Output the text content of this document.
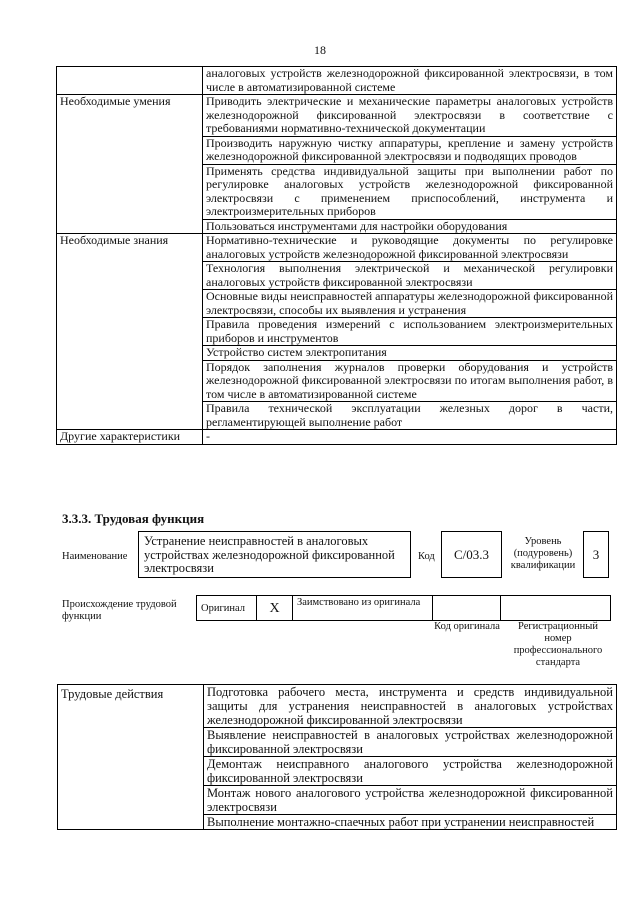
18
	аналоговых устройств железнодорожной фиксированной электросвязи, в том числе в автоматизированной системе
Необходимые умения	Приводить электрические и механические параметры аналоговых устройств железнодорожной фиксированной электросвязи в соответствие с требованиями нормативно-технической документации
	Производить наружную чистку аппаратуры, крепление и замену устройств железнодорожной фиксированной электросвязи и подводящих проводов
	Применять средства индивидуальной защиты при выполнении работ по регулировке аналоговых устройств железнодорожной фиксированной электросвязи с применением приспособлений, инструмента и электроизмерительных приборов
	Пользоваться инструментами для настройки оборудования
Необходимые знания	Нормативно-технические и руководящие документы по регулировке аналоговых устройств железнодорожной фиксированной электросвязи
	Технология выполнения электрической и механической регулировки аналоговых устройств фиксированной электросвязи
	Основные виды неисправностей аппаратуры железнодорожной фиксированной электросвязи, способы их выявления и устранения
	Правила проведения измерений с использованием электроизмерительных приборов и инструментов
	Устройство систем электропитания
	Порядок заполнения журналов проверки оборудования и устройств железнодорожной фиксированной электросвязи по итогам выполнения работ, в том числе в автоматизированной системе
	Правила технической эксплуатации железных дорог в части, регламентирующей выполнение работ
Другие характеристики	-
3.3.3. Трудовая функция
Наименование
Устранение неисправностей в аналоговых устройствах железнодорожной фиксированной электросвязи
Код	С/03.3
Уровень (подуровень) квалификации
3
Происхождение трудовой функции
Оригинал	X	Заимствовано из оригинала		
Код оригинала	Регистрационный номер профессионального стандарта
Трудовые действия	Подготовка рабочего места, инструмента и средств индивидуальной защиты для устранения неисправностей в аналоговых устройствах железнодорожной фиксированной электросвязи
Выявление неисправностей в аналоговых устройствах железнодорожной фиксированной электросвязи
Демонтаж неисправного аналогового устройства железнодорожной фиксированной электросвязи
Монтаж нового аналогового устройства железнодорожной фиксированной электросвязи
Выполнение монтажно-спаечных работ при устранении неисправностей
